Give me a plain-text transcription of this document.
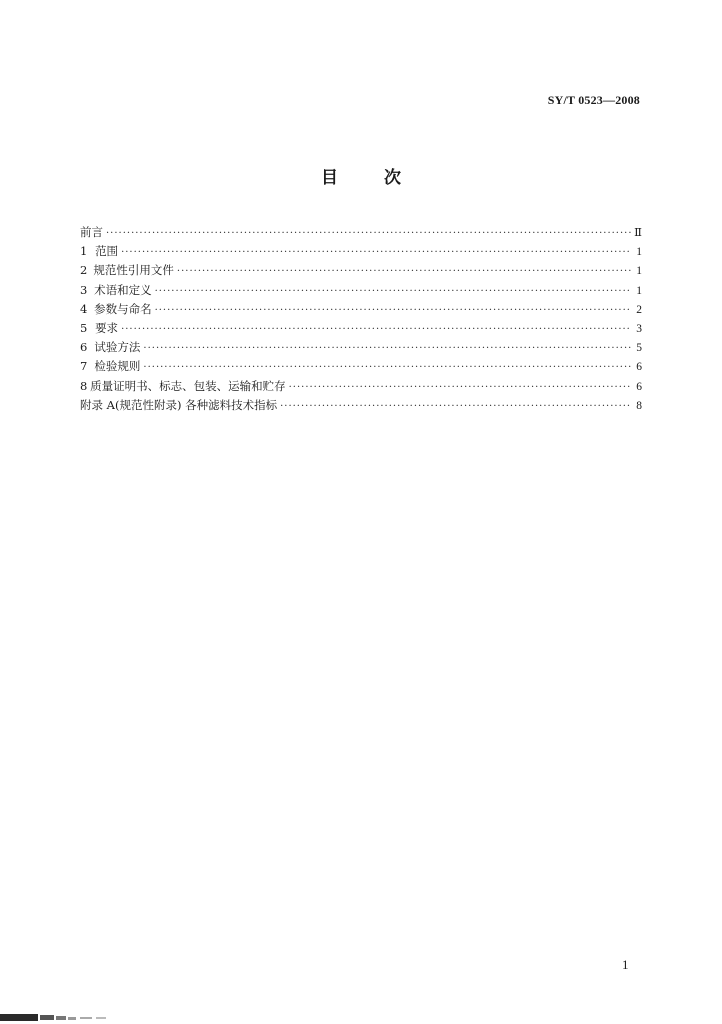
SY/T 0523—2008
目	次
前言 ·····	Ⅱ
1 范围 ·····	1
2 规范性引用文件 ·····	1
3 术语和定义 ·····	1
4 参数与命名 ·····	2
5 要求 ·····	3
6 试验方法 ·····	5
7 检验规则 ·····	6
8 质量证明书、标志、包装、运输和贮存 ·····	6
附录 A(规范性附录) 各种滤料技术指标 ·····	8
1
